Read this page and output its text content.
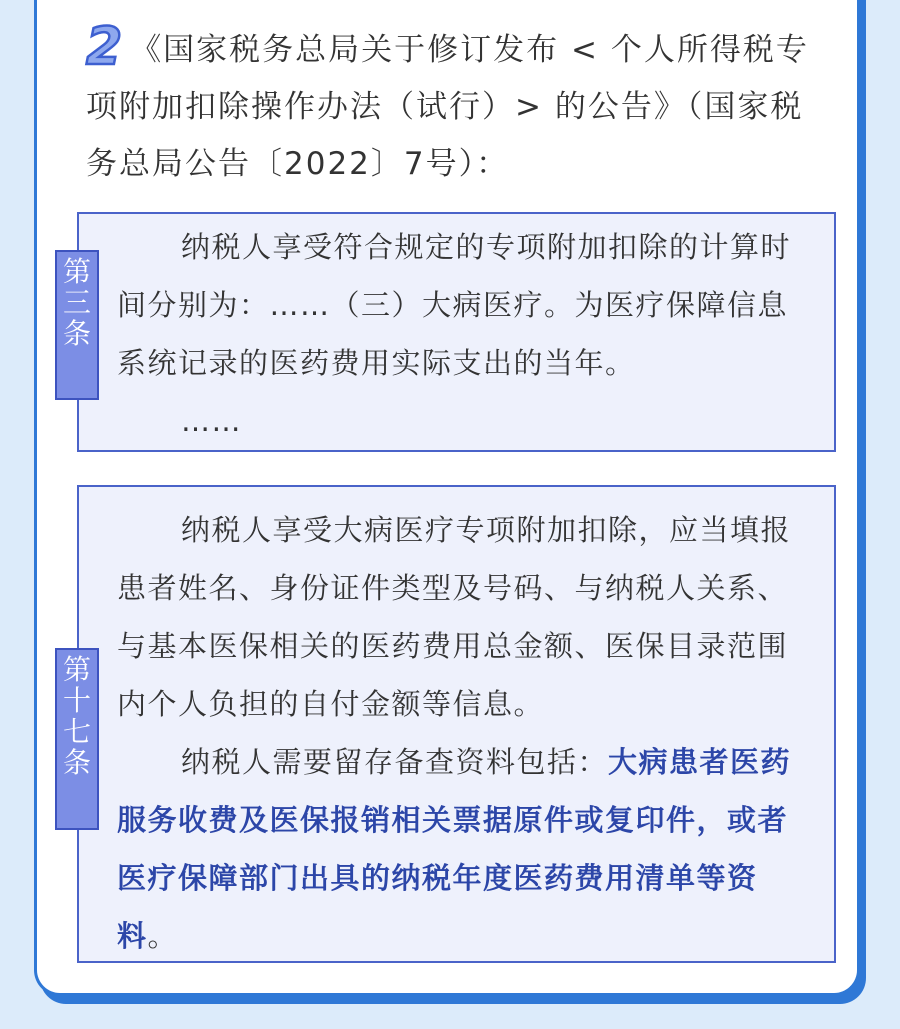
2 《国家税务总局关于修订发布 < 个人所得税专项附加扣除操作办法（试行）> 的公告》（国家税务总局公告〔2022〕7号）：
第
三
条
纳税人享受符合规定的专项附加扣除的计算时间分别为：……（三）大病医疗。为医疗保障信息系统记录的医药费用实际支出的当年。
……
第
十
七
条
纳税人享受大病医疗专项附加扣除，应当填报患者姓名、身份证件类型及号码、与纳税人关系、与基本医保相关的医药费用总金额、医保目录范围内个人负担的自付金额等信息。
纳税人需要留存备查资料包括：大病患者医药服务收费及医保报销相关票据原件或复印件，或者医疗保障部门出具的纳税年度医药费用清单等资料。
